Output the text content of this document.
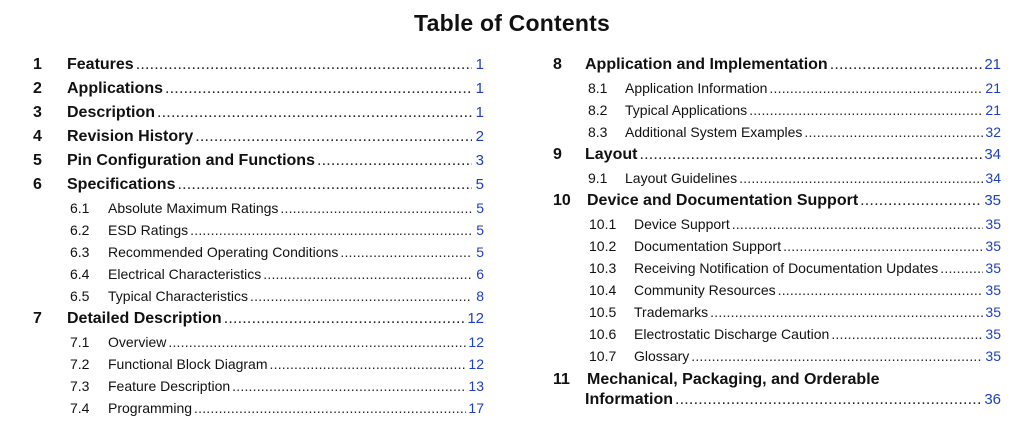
Table of Contents
1	Features .....	1
2	Applications .....	1
3	Description .....	1
4	Revision History .....	2
5	Pin Configuration and Functions .....	3
6	Specifications .....	5
6.1	Absolute Maximum Ratings .....	5
6.2	ESD Ratings .....	5
6.3	Recommended Operating Conditions .....	5
6.4	Electrical Characteristics .....	6
6.5	Typical Characteristics .....	8
7	Detailed Description .....	12
7.1	Overview .....	12
7.2	Functional Block Diagram .....	12
7.3	Feature Description .....	13
7.4	Programming .....	17
8	Application and Implementation .....	21
8.1	Application Information .....	21
8.2	Typical Applications .....	21
8.3	Additional System Examples .....	32
9	Layout .....	34
9.1	Layout Guidelines .....	34
10	Device and Documentation Support .....	35
10.1	Device Support .....	35
10.2	Documentation Support .....	35
10.3	Receiving Notification of Documentation Updates .....	35
10.4	Community Resources .....	35
10.5	Trademarks .....	35
10.6	Electrostatic Discharge Caution .....	35
10.7	Glossary .....	35
11 Mechanical, Packaging, and Orderable
Information .....	36
